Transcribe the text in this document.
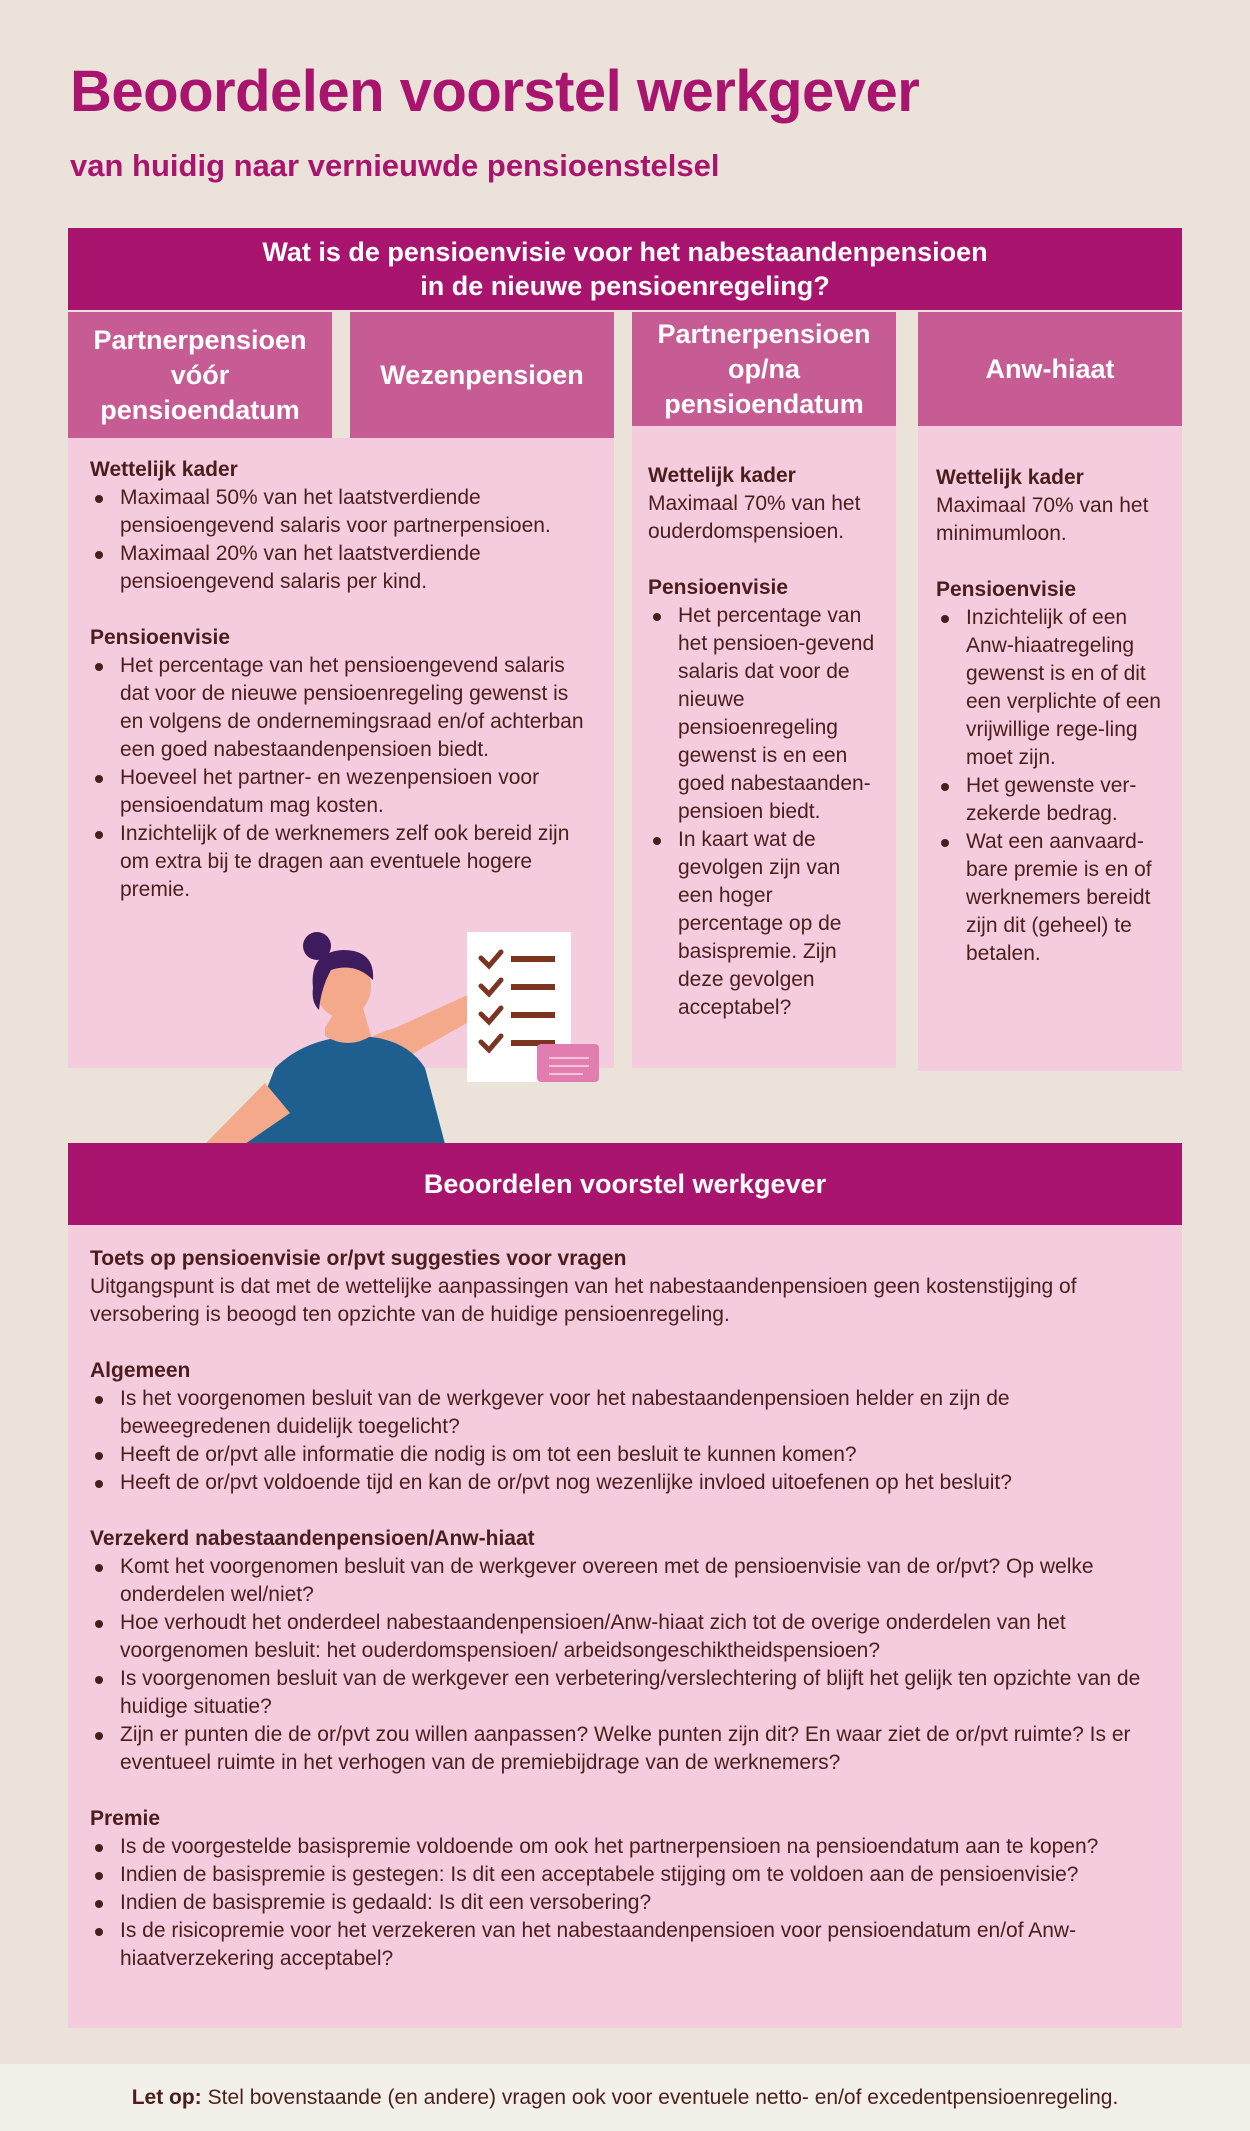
Beoordelen voorstel werkgever
van huidig naar vernieuwde pensioenstelsel
Wat is de pensioenvisie voor het nabestaandenpensioen
in de nieuwe pensioenregeling?
Partnerpensioen
vóór
pensioendatum
Wezenpensioen
Partnerpensioen
op/na
pensioendatum
Anw-hiaat
Wettelijk kader
Maximaal 50% van het laatstverdiende pensioengevend salaris voor partnerpensioen.
Maximaal 20% van het laatstverdiende pensioengevend salaris per kind.
Pensioenvisie
Het percentage van het pensioengevend salaris dat voor de nieuwe pensioenregeling gewenst is en volgens de ondernemingsraad en/of achterban een goed nabestaandenpensioen biedt.
Hoeveel het partner- en wezenpensioen voor pensioendatum mag kosten.
Inzichtelijk of de werknemers zelf ook bereid zijn om extra bij te dragen aan eventuele hogere premie.
Wettelijk kader

Maximaal 70% van het ouderdomspensioen.

Pensioenvisie
Het percentage van het pensioen-gevend salaris dat voor de nieuwe pensioenregeling gewenst is en een goed nabestaanden-pensioen biedt.
In kaart wat de gevolgen zijn van een hoger percentage op de basispremie. Zijn deze gevolgen acceptabel?
Wettelijk kader

Maximaal 70% van het minimumloon.

Pensioenvisie
Inzichtelijk of een Anw-hiaatregeling gewenst is en of dit een verplichte of een vrijwillige rege-ling moet zijn.
Het gewenste ver-zekerde bedrag.
Wat een aanvaard-bare premie is en of werknemers bereidt zijn dit (geheel) te betalen.
Beoordelen voorstel werkgever
Toets op pensioenvisie or/pvt suggesties voor vragen

Uitgangspunt is dat met de wettelijke aanpassingen van het nabestaandenpensioen geen kostenstijging of versobering is beoogd ten opzichte van de huidige pensioenregeling.

Algemeen
Is het voorgenomen besluit van de werkgever voor het nabestaandenpensioen helder en zijn de beweegredenen duidelijk toegelicht?
Heeft de or/pvt alle informatie die nodig is om tot een besluit te kunnen komen?
Heeft de or/pvt voldoende tijd en kan de or/pvt nog wezenlijke invloed uitoefenen op het besluit?
Verzekerd nabestaandenpensioen/Anw-hiaat
Komt het voorgenomen besluit van de werkgever overeen met de pensioenvisie van de or/pvt? Op welke onderdelen wel/niet?
Hoe verhoudt het onderdeel nabestaandenpensioen/Anw-hiaat zich tot de overige onderdelen van het voorgenomen besluit: het ouderdomspensioen/ arbeidsongeschiktheidspensioen?
Is voorgenomen besluit van de werkgever een verbetering/verslechtering of blijft het gelijk ten opzichte van de huidige situatie?
Zijn er punten die de or/pvt zou willen aanpassen? Welke punten zijn dit? En waar ziet de or/pvt ruimte? Is er eventueel ruimte in het verhogen van de premiebijdrage van de werknemers?
Premie
Is de voorgestelde basispremie voldoende om ook het partnerpensioen na pensioendatum aan te kopen?
Indien de basispremie is gestegen: Is dit een acceptabele stijging om te voldoen aan de pensioenvisie?
Indien de basispremie is gedaald: Is dit een versobering?
Is de risicopremie voor het verzekeren van het nabestaandenpensioen voor pensioendatum en/of Anw-hiaatverzekering acceptabel?
Let op: Stel bovenstaande (en andere) vragen ook voor eventuele netto- en/of excedentpensioenregeling.
